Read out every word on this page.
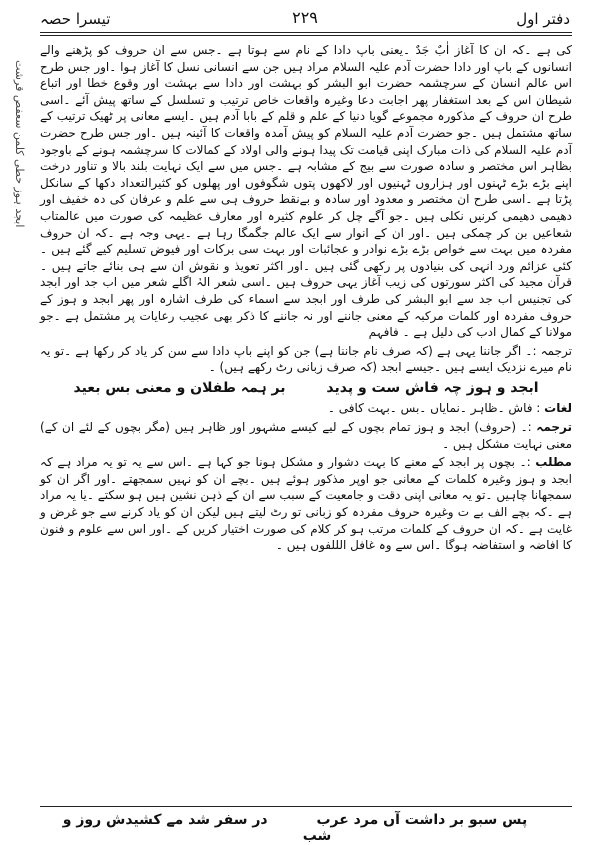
دفتر اول
۲۲۹
تیسرا حصہ
ابجد ہوز حطی کلمن سعفص قرشت

کی ہے ۔کہ ان کا آغاز اٰبٌ جَدٌ ۔یعنی باپ دادا کے نام سے ہوتا ہے ۔جس سے ان حروف کو پڑھنے والے انسانوں کے باپ اور دادا حضرت آدم علیہ السلام مراد ہیں جن سے انسانی نسل کا آغاز ہوا ۔اور جس طرح اس عالم انسان کے سرچشمہ حضرت ابو البشر کو بہشت اور دادا سے بہشت اور وقوع خطا اور اتباع شیطان اس کے بعد استغفار پھر اجابت دعا وغیرہ واقعات خاص ترتیب و تسلسل کے ساتھ پیش آئے ۔اسی طرح ان حروف کے مذکورہ مجموعے گویا دنیا کے علم و قلم کے بابا آدم ہیں ۔ایسے معانی پر ٹھیک ترتیب کے ساتھ مشتمل ہیں ۔جو حضرت آدم علیہ السلام کو پیش آمدہ واقعات کا آئینہ ہیں ۔اور جس طرح حضرت آدم علیہ السلام کی ذات مبارک اپنی قیامت تک پیدا ہونے والی اولاد کے کمالات کا سرچشمہ ہونے کے باوجود بظاہر اس مختصر و سادہ صورت سے بیج کے مشابہ ہے ۔جس میں سے ایک نہایت بلند بالا و تناور درخت اپنے بڑے بڑے ٹہنوں اور ہزاروں ٹہنیوں اور لاکھوں پتوں شگوفوں اور پھلوں کو کثیرالتعداد دکھا کے سانکل پڑتا ہے ۔اسی طرح ان مختصر و معدود اور سادہ و بےنقط حروف ہی سے علم و عرفان کی دہ خفیف اور دھیمی دھیمی کرنیں نکلی ہیں ۔جو آگے چل کر علوم کثیرہ اور معارف عظیمہ کی صورت میں عالمتاب شعاعیں بن کر چمکی ہیں ۔اور ان کے انوار سے ایک عالم جگمگا رہا ہے ۔یہی وجہ ہے ۔کہ ان حروف مفردہ میں بہت سے خواص بڑے بڑے نوادر و عجائبات اور بہت سی برکات اور فیوض تسلیم کیے گئے ہیں ۔کئی عزائم ورد انہی کی بنیادوں پر رکھی گئی ہیں ۔اور اکثر تعویذ و نقوش ان سے ہی بنائے جاتے ہیں ۔قرآن مجید کی اکثر سورتوں کی زیب آغاز یہی حروف ہیں ۔اسی شعر الہٰ اگلے شعر میں اب جد اور ابجد کی تجنیس اب جد سے ابو البشر کی طرف اور ابجد سے اسماء کی طرف اشارہ اور پھر ابجد و ہوز کے حروف مفردہ اور کلمات مرکبہ کے معنی جاننے اور نہ جاننے کا ذکر بھی عجیب رعایات پر مشتمل ہے ۔جو مولانا کے کمال ادب کی دلیل ہے ۔ فافہم

ترجمہ :۔ اگر جاننا یہی ہے (کہ صرف نام جاننا ہے) جن کو اپنے باپ دادا سے سن کر یاد کر رکھا ہے ۔تو یہ نام میرے نزدیک ایسے ہیں ۔جیسے ابجد (کہ صرف زبانی رٹ رکھے ہیں) ۔

ابجد و ہوز چہ فاش ست و پدید بر ہمہ طفلان و معنی بس بعید

لغات : فاش ۔ظاہر ۔نمایاں ۔بس ۔بہت کافی ۔

ترجمہ :۔ (حروف) ابجد و ہوز تمام بچوں کے لیے کیسے مشہور اور ظاہر ہیں (مگر بچوں کے لئے ان کے) معنی نہایت مشکل ہیں ۔

مطلب :۔ بچوں پر ابجد کے معنے کا بہت دشوار و مشکل ہونا جو کہا ہے ۔اس سے یہ تو یہ مراد ہے کہ ابجد و ہوز وغیرہ کلمات کے معانی جو اوپر مذکور ہوئے ہیں ۔بچے ان کو نہیں سمجھتے ۔اور اگر ان کو سمجھانا چاہیں ۔تو یہ معانی اپنی دقت و جامعیت کے سبب سے ان کے ذہن نشین ہیں ہو سکتے ۔یا یہ مراد ہے ۔کہ بچے الف بے ت وغیرہ حروف مفردہ کو زبانی تو رٹ لیتے ہیں لیکن ان کو یاد کرنے سے جو غرض و غایت ہے ۔کہ ان حروف کے کلمات مرتب ہو کر کلام کی صورت اختیار کریں کے ۔اور اس سے علوم و فنون کا افاضہ و استفاضہ ہوگا ۔اس سے وہ غافل الللفوں ہیں ۔

پس سبو بر داشت آں مرد عرب در سفر شد مے کشیدش روز و شب
